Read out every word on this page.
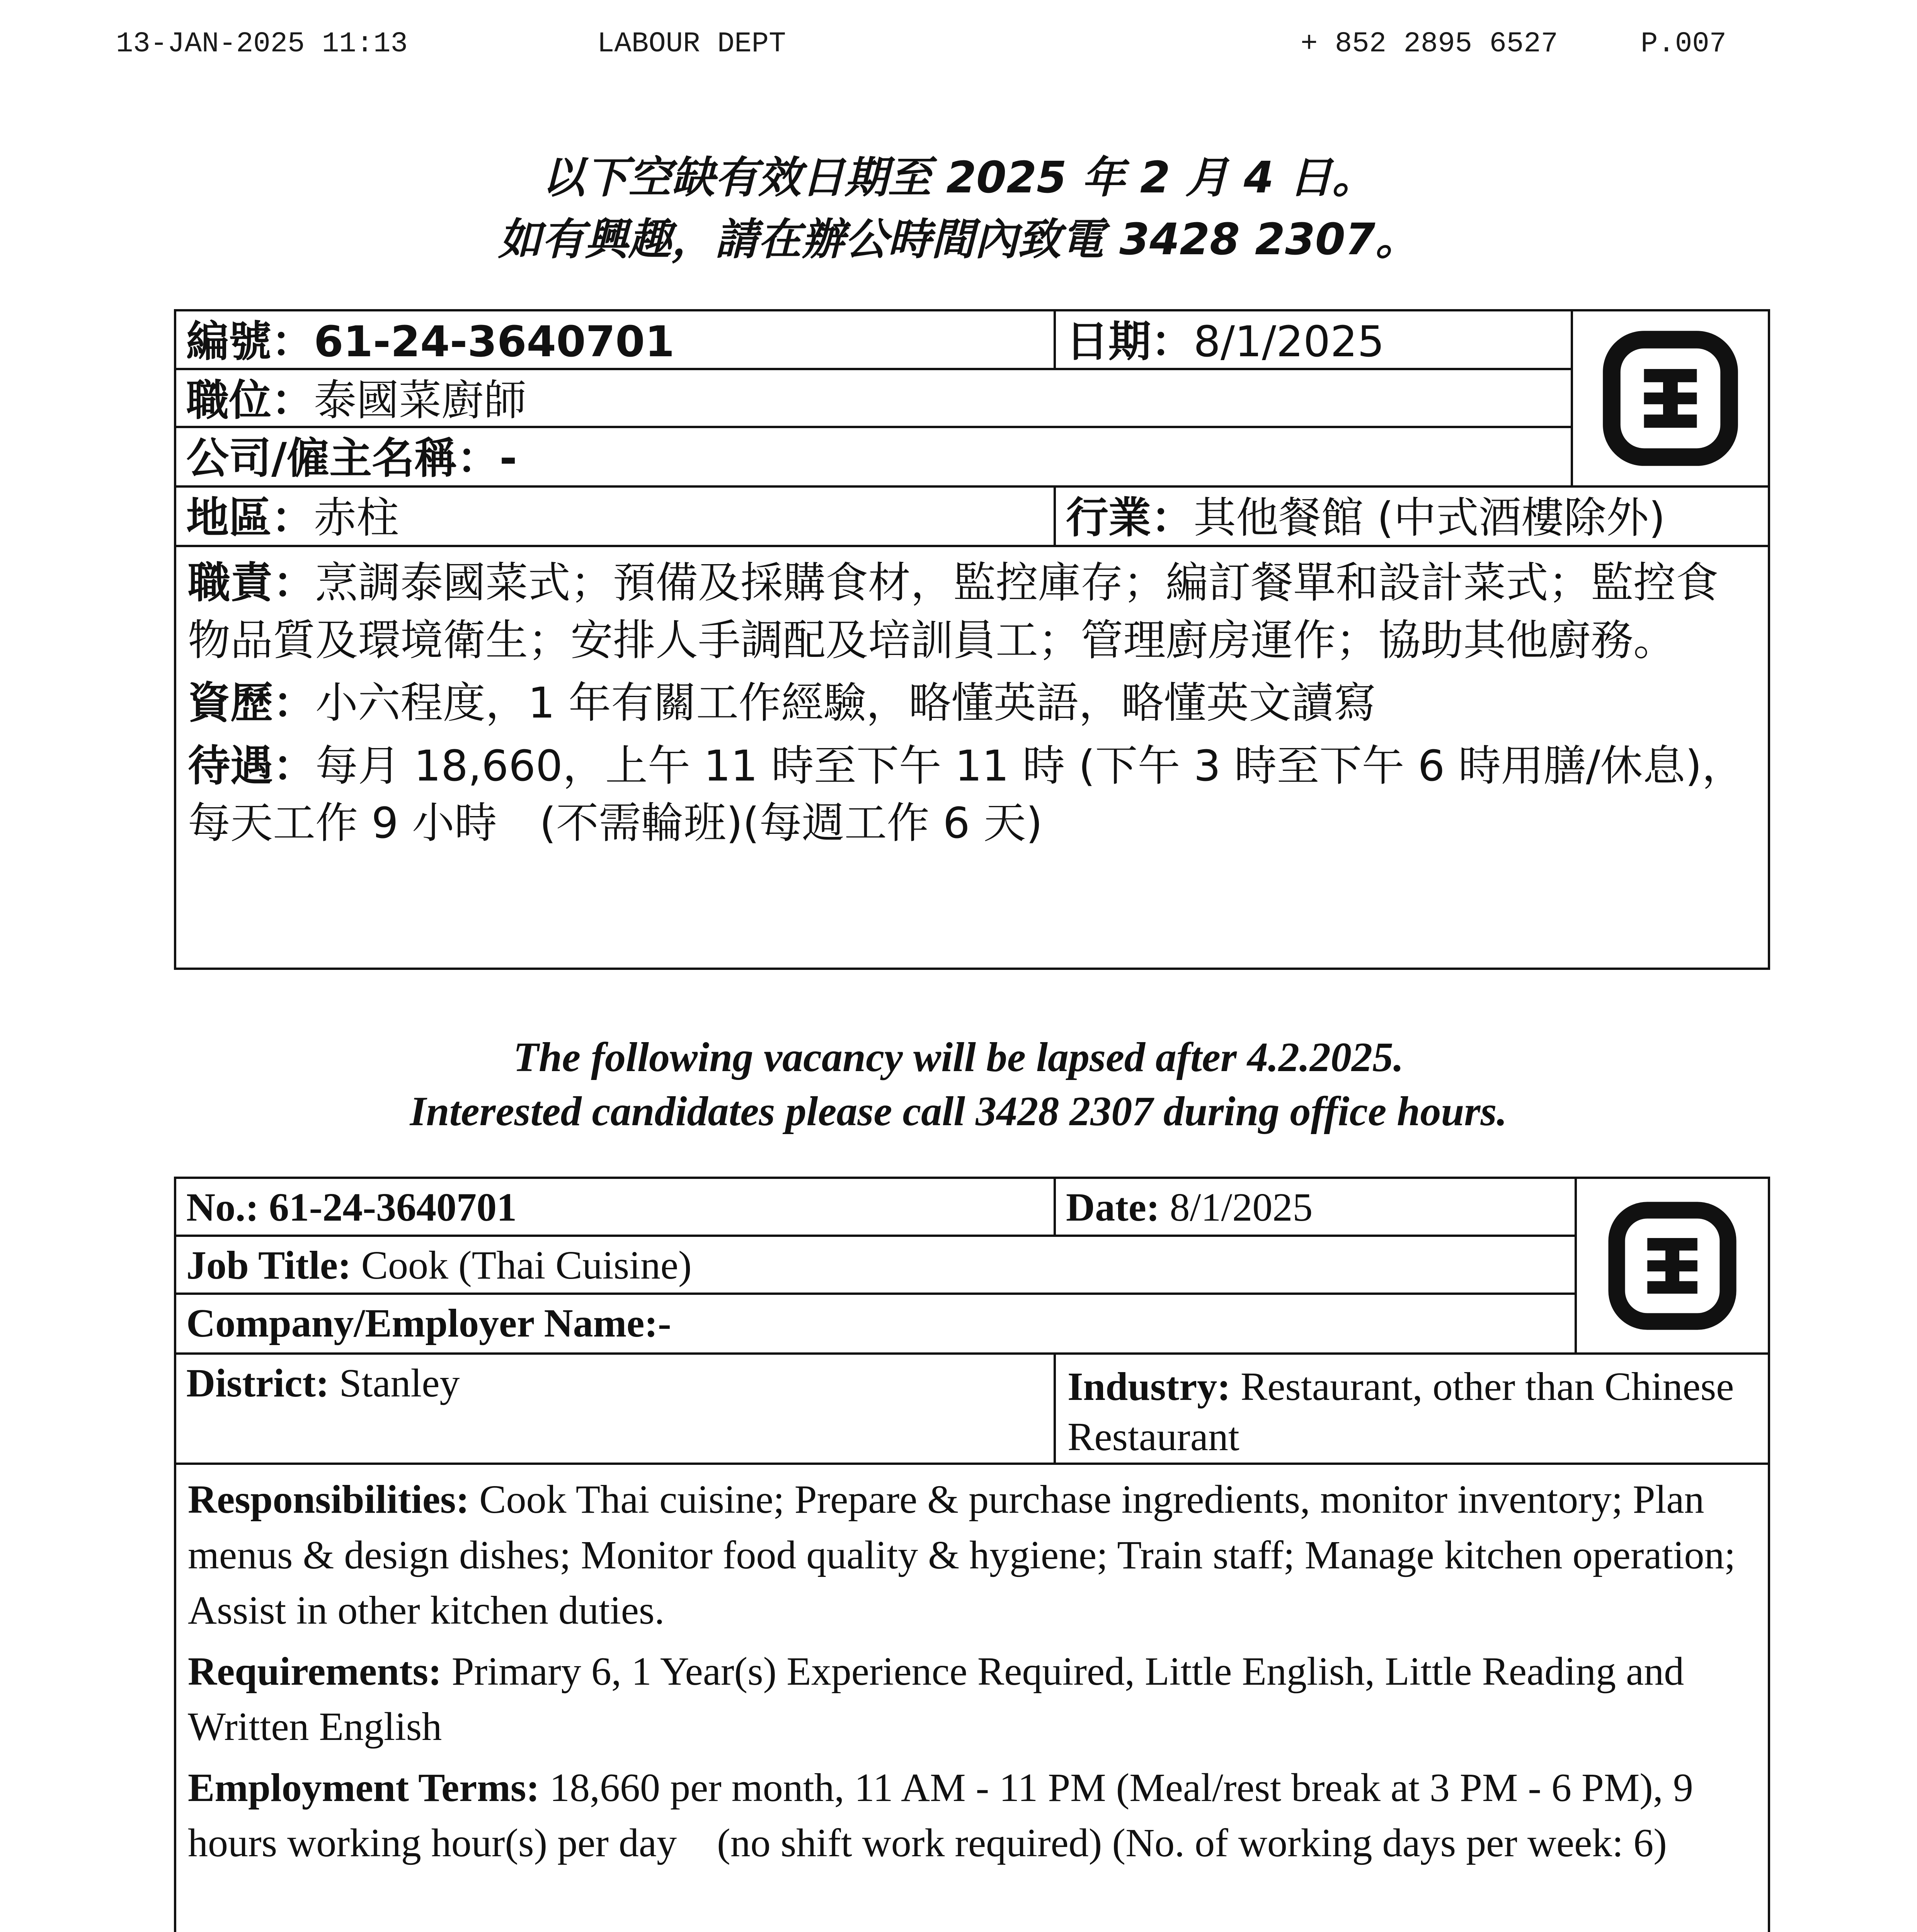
13-JAN-2025 11:13	LABOUR DEPT	+ 852 2895 6527	P.007
以下空缺有效日期至 2025 年 2 月 4 日。
如有興趣，請在辦公時間內致電 3428 2307。
編號：61-24-3640701	日期：8/1/2025
職位：泰國菜廚師
公司/僱主名稱：-
地區：赤柱	行業：其他餐館 (中式酒樓除外)

職責：烹調泰國菜式；預備及採購食材，監控庫存；編訂餐單和設計菜式；監控食物品質及環境衛生；安排人手調配及培訓員工；管理廚房運作；協助其他廚務。

資歷：小六程度，1 年有關工作經驗，略懂英語，略懂英文讀寫

待遇：每月 18,660，上午 11 時至下午 11 時 (下午 3 時至下午 6 時用膳/休息)，每天工作 9 小時　(不需輪班)(每週工作 6 天)

The following vacancy will be lapsed after 4.2.2025.
Interested candidates please call 3428 2307 during office hours.
No.: 61-24-3640701	Date: 8/1/2025
Job Title: Cook (Thai Cuisine)
Company/Employer Name:-
District: Stanley	Industry: Restaurant, other than Chinese Restaurant

Responsibilities: Cook Thai cuisine; Prepare & purchase ingredients, monitor inventory; Plan menus & design dishes; Monitor food quality & hygiene; Train staff; Manage kitchen operation; Assist in other kitchen duties.

Requirements: Primary 6, 1 Year(s) Experience Required, Little English, Little Reading and Written English

Employment Terms: 18,660 per month, 11 AM - 11 PM (Meal/rest break at 3 PM - 6 PM), 9 hours working hour(s) per day　(no shift work required) (No. of working days per week: 6)
